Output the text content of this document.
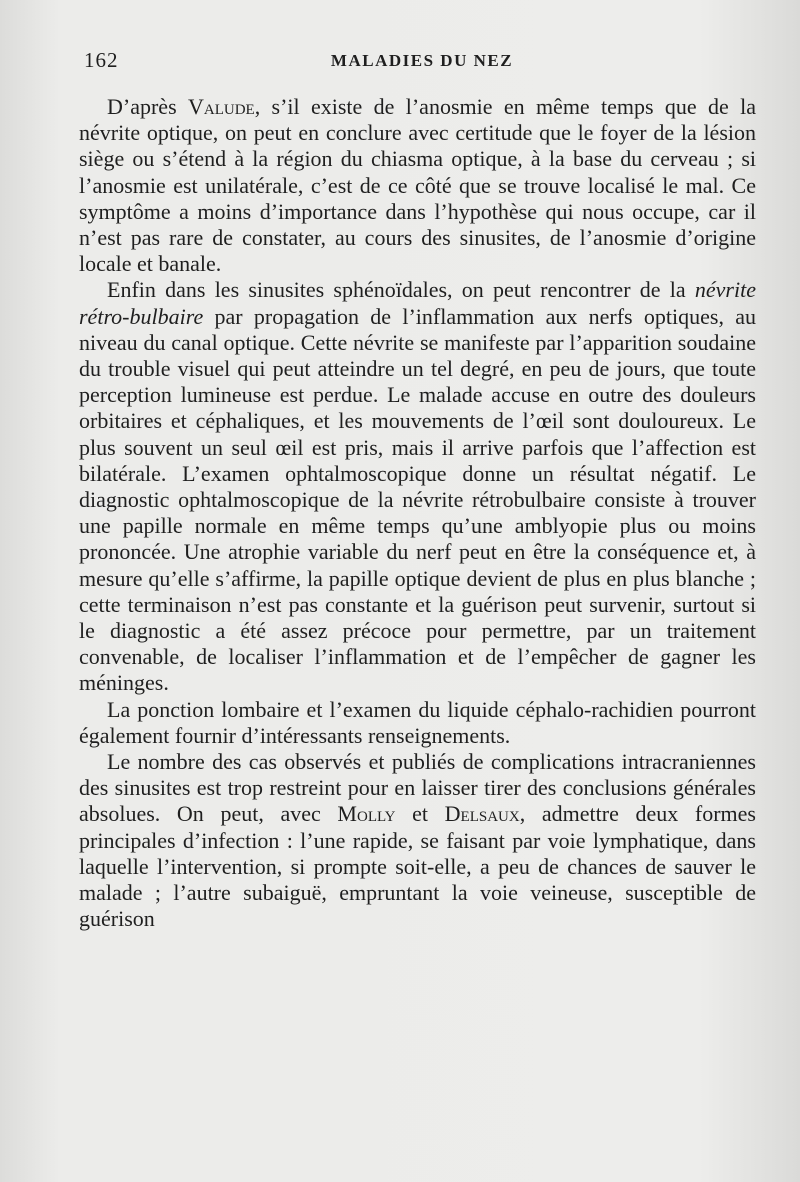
162	MALADIES DU NEZ

D’après Valude, s’il existe de l’anosmie en même temps que de la névrite optique, on peut en conclure avec certitude que le foyer de la lésion siège ou s’étend à la région du chiasma optique, à la base du cerveau ; si l’anosmie est unilatérale, c’est de ce côté que se trouve localisé le mal. Ce symptôme a moins d’importance dans l’hypothèse qui nous occupe, car il n’est pas rare de constater, au cours des sinusites, de l’anosmie d’origine locale et banale.

Enfin dans les sinusites sphénoïdales, on peut rencontrer de la névrite rétro-bulbaire par propagation de l’inflammation aux nerfs optiques, au niveau du canal optique. Cette névrite se manifeste par l’apparition soudaine du trouble visuel qui peut atteindre un tel degré, en peu de jours, que toute perception lumineuse est perdue. Le malade accuse en outre des douleurs orbitaires et céphaliques, et les mouvements de l’œil sont douloureux. Le plus souvent un seul œil est pris, mais il arrive parfois que l’affection est bilatérale. L’examen ophtalmoscopique donne un résultat négatif. Le diagnostic ophtalmoscopique de la névrite rétrobulbaire consiste à trouver une papille normale en même temps qu’une amblyopie plus ou moins prononcée. Une atrophie variable du nerf peut en être la conséquence et, à mesure qu’elle s’affirme, la papille optique devient de plus en plus blanche ; cette terminaison n’est pas constante et la guérison peut survenir, surtout si le diagnostic a été assez précoce pour permettre, par un traitement convenable, de localiser l’inflammation et de l’empêcher de gagner les méninges.

La ponction lombaire et l’examen du liquide céphalo-rachidien pourront également fournir d’intéressants renseignements.

Le nombre des cas observés et publiés de complications intracraniennes des sinusites est trop restreint pour en laisser tirer des conclusions générales absolues. On peut, avec Molly et Delsaux, admettre deux formes principales d’infection : l’une rapide, se faisant par voie lymphatique, dans laquelle l’intervention, si prompte soit-elle, a peu de chances de sauver le malade ; l’autre subaiguë, empruntant la voie veineuse, susceptible de guérison
